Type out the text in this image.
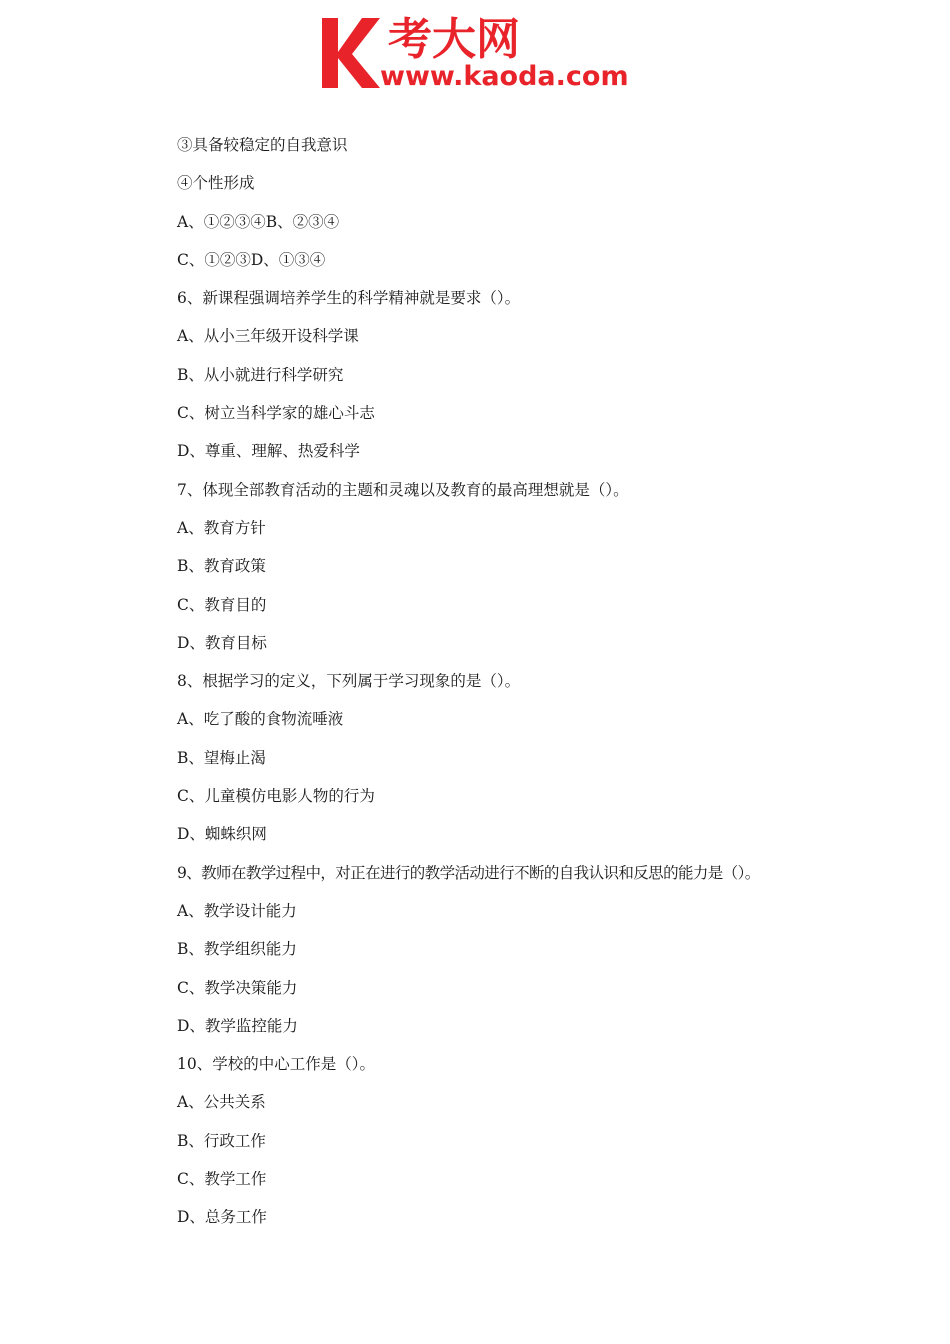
考大网
www.kaoda.com
③具备较稳定的自我意识
④个性形成
A、①②③④B、②③④
C、①②③D、①③④
6、新课程强调培养学生的科学精神就是要求（）。
A、从小三年级开设科学课
B、从小就进行科学研究
C、树立当科学家的雄心斗志
D、尊重、理解、热爱科学
7、体现全部教育活动的主题和灵魂以及教育的最高理想就是（）。
A、教育方针
B、教育政策
C、教育目的
D、教育目标
8、根据学习的定义，下列属于学习现象的是（）。
A、吃了酸的食物流唾液
B、望梅止渴
C、儿童模仿电影人物的行为
D、蜘蛛织网
9、教师在教学过程中，对正在进行的教学活动进行不断的自我认识和反思的能力是（）。
A、教学设计能力
B、教学组织能力
C、教学决策能力
D、教学监控能力
10、学校的中心工作是（）。
A、公共关系
B、行政工作
C、教学工作
D、总务工作
